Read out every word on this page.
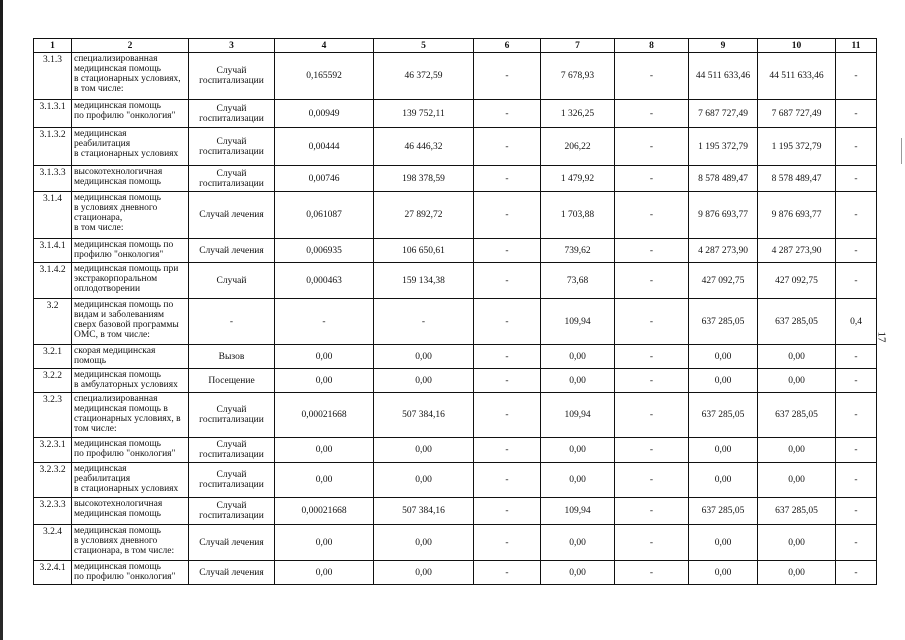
1	2	3	4	5	6	7	8	9	10	11
3.1.3	специализированная
медицинская помощь
в стационарных условиях,
в том числе:	Случай
госпитализации	0,165592	46 372,59	-	7 678,93	-	44 511 633,46	44 511 633,46	-
3.1.3.1	медицинская помощь
по профилю "онкология"	Случай
госпитализации	0,00949	139 752,11	-	1 326,25	-	7 687 727,49	7 687 727,49	-
3.1.3.2	медицинская
реабилитация
в стационарных условиях	Случай
госпитализации	0,00444	46 446,32	-	206,22	-	1 195 372,79	1 195 372,79	-
3.1.3.3	высокотехнологичная
медицинская помощь	Случай
госпитализации	0,00746	198 378,59	-	1 479,92	-	8 578 489,47	8 578 489,47	-
3.1.4	медицинская помощь
в условиях дневного
стационара,
в том числе:	Случай лечения	0,061087	27 892,72	-	1 703,88	-	9 876 693,77	9 876 693,77	-
3.1.4.1	медицинская помощь по
профилю "онкология"	Случай лечения	0,006935	106 650,61	-	739,62	-	4 287 273,90	4 287 273,90	-
3.1.4.2	медицинская помощь при
экстракорпоральном
оплодотворении	Случай	0,000463	159 134,38	-	73,68	-	427 092,75	427 092,75	-
3.2	медицинская помощь по
видам и заболеваниям
сверх базовой программы
ОМС, в том числе:	-	-	-	-	109,94	-	637 285,05	637 285,05	0,4
3.2.1	скорая медицинская
помощь	Вызов	0,00	0,00	-	0,00	-	0,00	0,00	-
3.2.2	медицинская помощь
в амбулаторных условиях	Посещение	0,00	0,00	-	0,00	-	0,00	0,00	-
3.2.3	специализированная
медицинская помощь в
стационарных условиях, в
том числе:	Случай
госпитализации	0,00021668	507 384,16	-	109,94	-	637 285,05	637 285,05	-
3.2.3.1	медицинская помощь
по профилю "онкология"	Случай
госпитализации	0,00	0,00	-	0,00	-	0,00	0,00	-
3.2.3.2	медицинская
реабилитация
в стационарных условиях	Случай
госпитализации	0,00	0,00	-	0,00	-	0,00	0,00	-
3.2.3.3	высокотехнологичная
медицинская помощь	Случай
госпитализации	0,00021668	507 384,16	-	109,94	-	637 285,05	637 285,05	-
3.2.4	медицинская помощь
в условиях дневного
стационара, в том числе:	Случай лечения	0,00	0,00	-	0,00	-	0,00	0,00	-
3.2.4.1	медицинская помощь
по профилю "онкология"	Случай лечения	0,00	0,00	-	0,00	-	0,00	0,00	-
17
